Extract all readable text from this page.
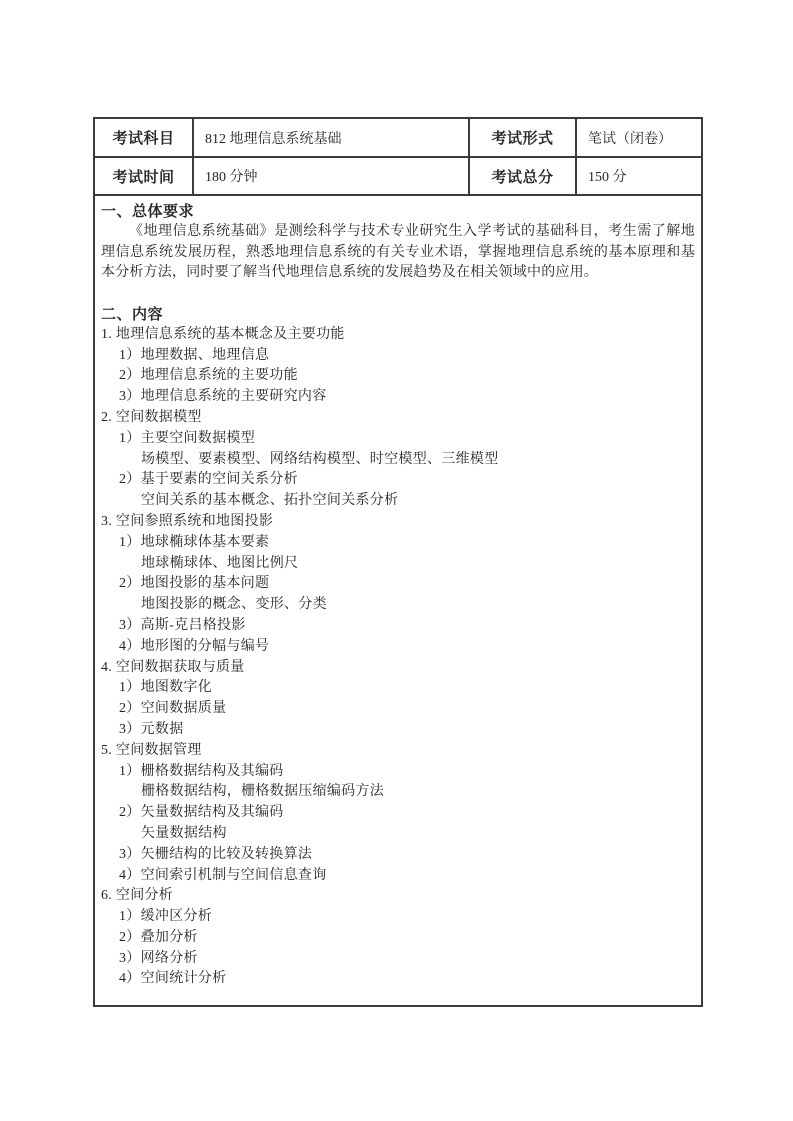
考试科目	812 地理信息系统基础	考试形式	笔试（闭卷）
考试时间	180 分钟	考试总分	150 分
一、总体要求

《地理信息系统基础》是测绘科学与技术专业研究生入学考试的基础科目，考生需了解地理信息系统发展历程，熟悉地理信息系统的有关专业术语，掌握地理信息系统的基本原理和基本分析方法，同时要了解当代地理信息系统的发展趋势及在相关领域中的应用。

二、内容
1. 地理信息系统的基本概念及主要功能
1）地理数据、地理信息
2）地理信息系统的主要功能
3）地理信息系统的主要研究内容
2. 空间数据模型
1）主要空间数据模型
场模型、要素模型、网络结构模型、时空模型、三维模型
2）基于要素的空间关系分析
空间关系的基本概念、拓扑空间关系分析
3. 空间参照系统和地图投影
1）地球椭球体基本要素
地球椭球体、地图比例尺
2）地图投影的基本问题
地图投影的概念、变形、分类
3）高斯-克吕格投影
4）地形图的分幅与编号
4. 空间数据获取与质量
1）地图数字化
2）空间数据质量
3）元数据
5. 空间数据管理
1）栅格数据结构及其编码
栅格数据结构，栅格数据压缩编码方法
2）矢量数据结构及其编码
矢量数据结构
3）矢栅结构的比较及转换算法
4）空间索引机制与空间信息查询
6. 空间分析
1）缓冲区分析
2）叠加分析
3）网络分析
4）空间统计分析
